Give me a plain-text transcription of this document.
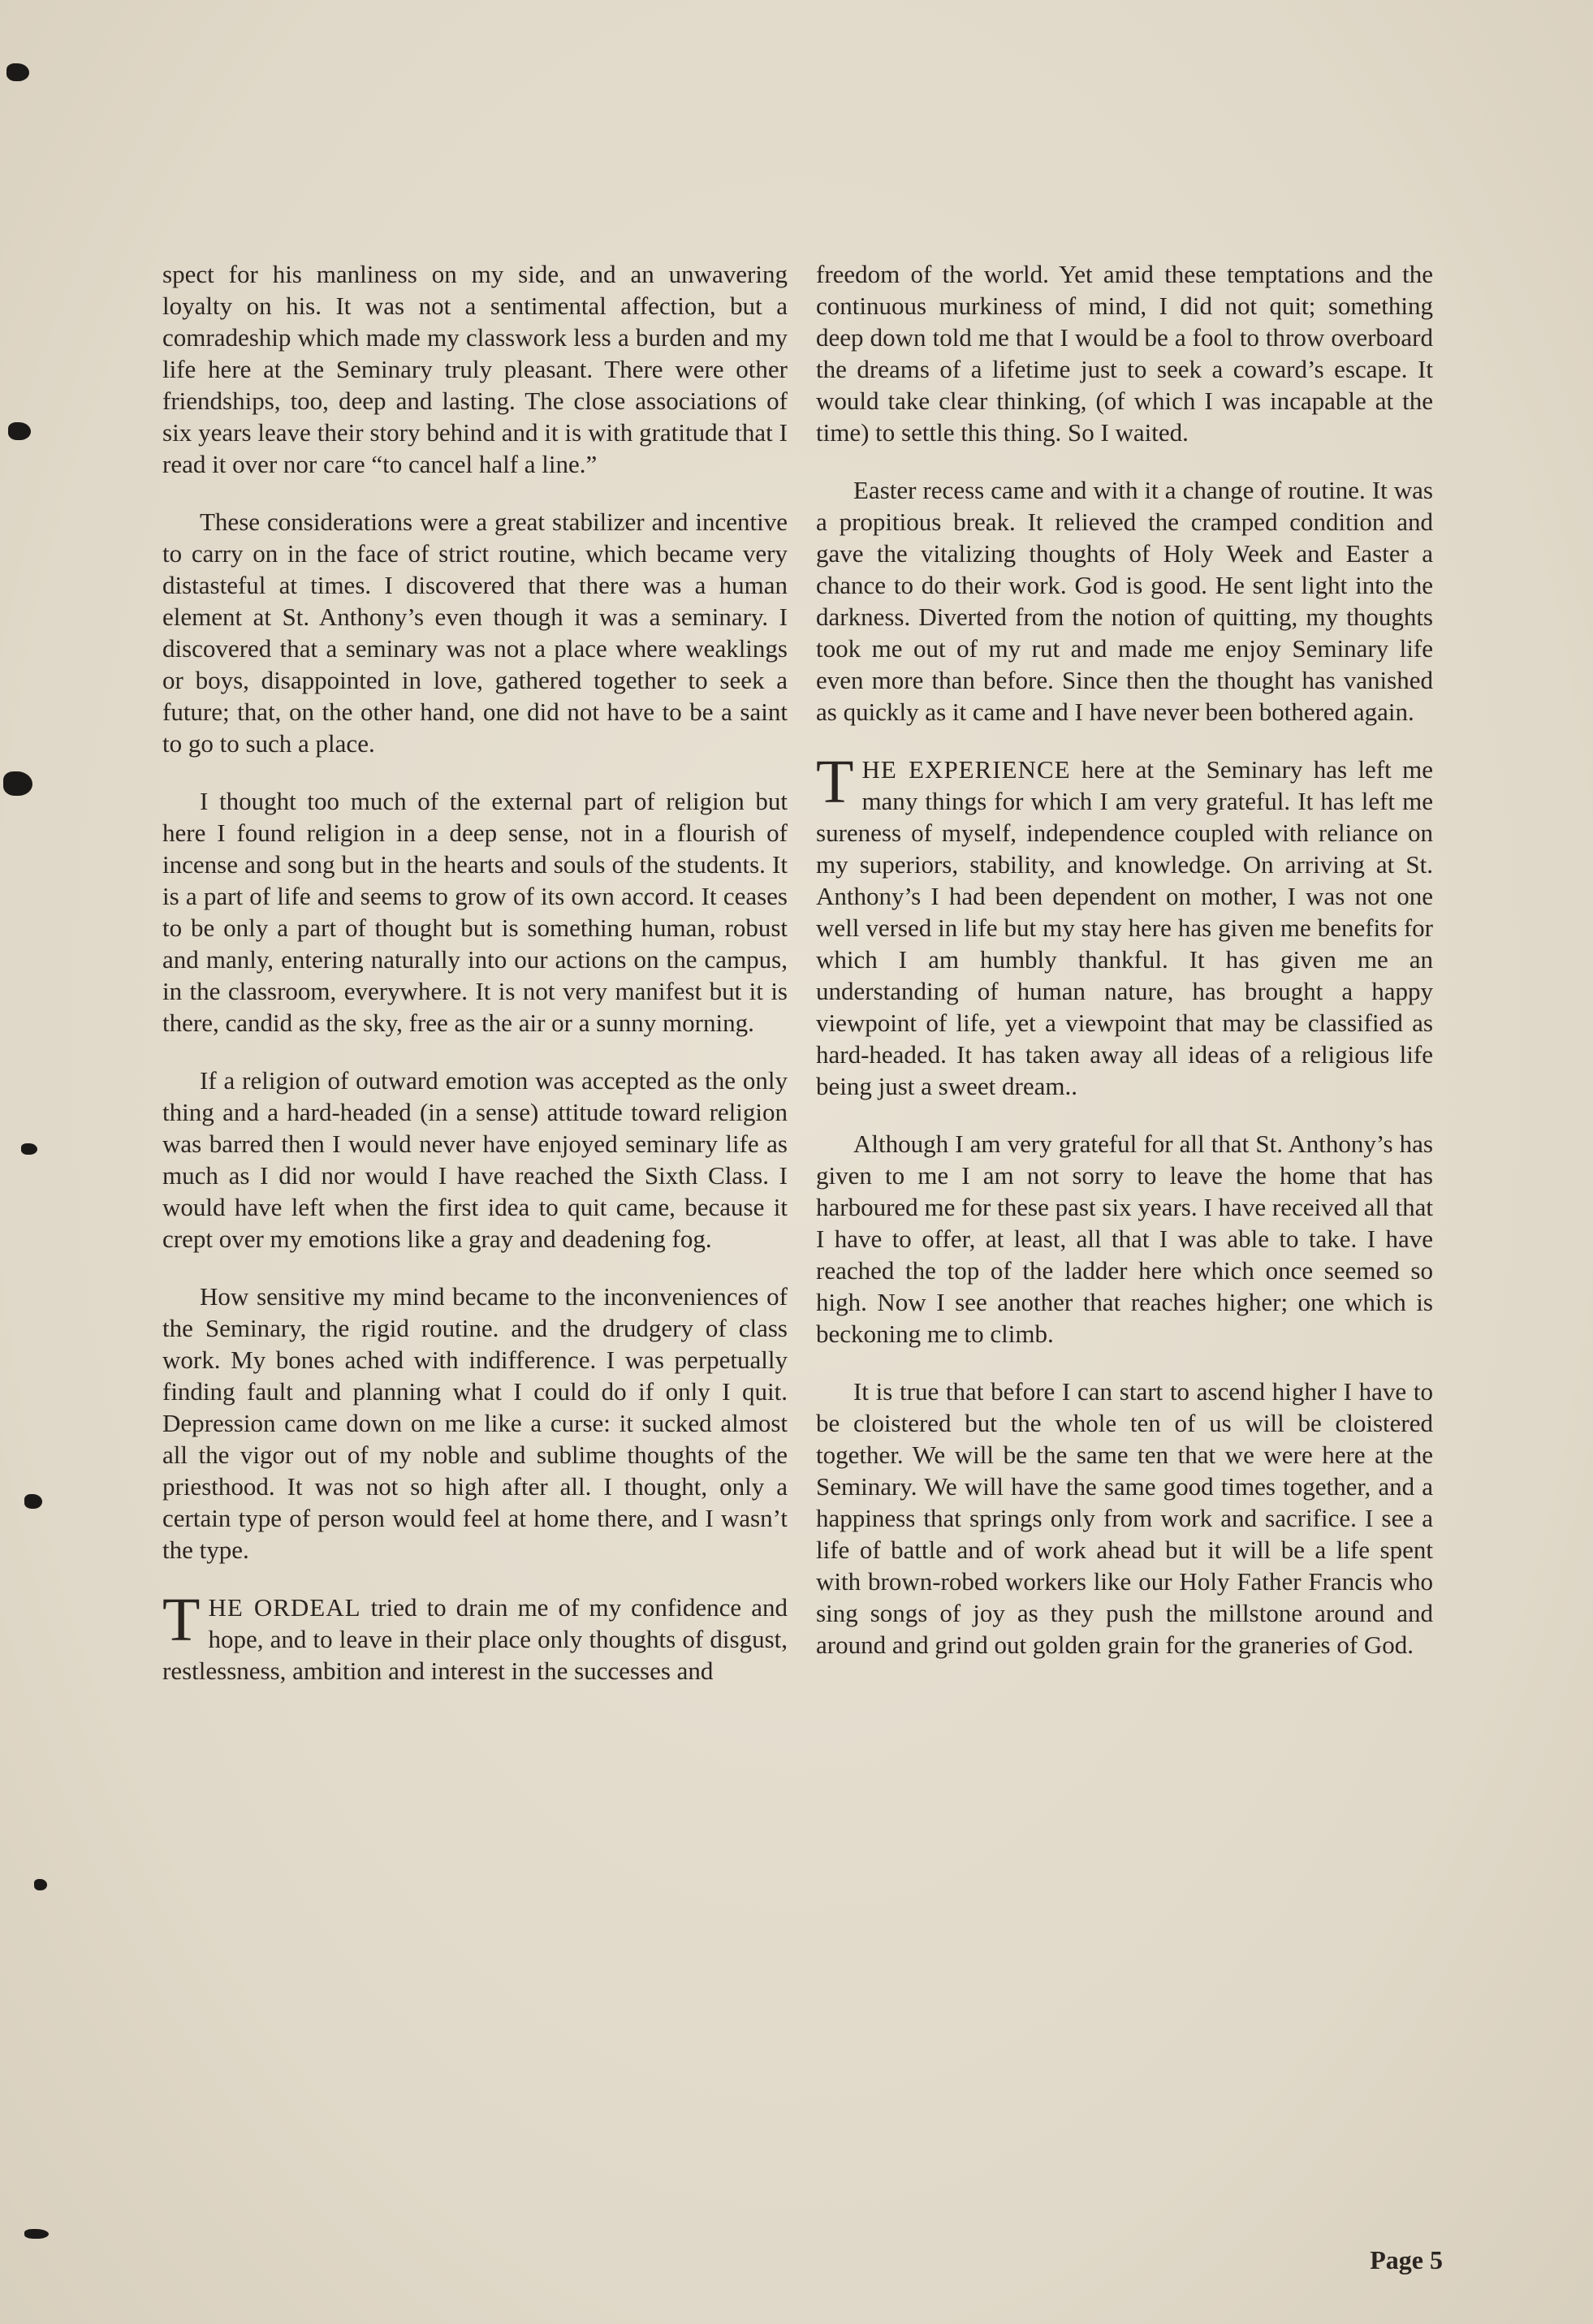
spect for his manliness on my side, and an unwavering loyalty on his. It was not a sentimental affection, but a comradeship which made my classwork less a burden and my life here at the Seminary truly pleasant. There were other friendships, too, deep and lasting. The close associations of six years leave their story behind and it is with gratitude that I read it over nor care “to cancel half a line.”

These considerations were a great stabilizer and incentive to carry on in the face of strict routine, which became very distasteful at times. I discovered that there was a human element at St. Anthony’s even though it was a seminary. I discovered that a seminary was not a place where weaklings or boys, disappointed in love, gathered together to seek a future; that, on the other hand, one did not have to be a saint to go to such a place.

I thought too much of the external part of religion but here I found religion in a deep sense, not in a flourish of incense and song but in the hearts and souls of the students. It is a part of life and seems to grow of its own accord. It ceases to be only a part of thought but is something human, robust and manly, entering naturally into our actions on the campus, in the classroom, everywhere. It is not very manifest but it is there, candid as the sky, free as the air or a sunny morning.

If a religion of outward emotion was accepted as the only thing and a hard-headed (in a sense) attitude toward religion was barred then I would never have enjoyed seminary life as much as I did nor would I have reached the Sixth Class. I would have left when the first idea to quit came, because it crept over my emotions like a gray and deadening fog.

How sensitive my mind became to the inconveniences of the Seminary, the rigid routine. and the drudgery of class work. My bones ached with indifference. I was perpetually finding fault and planning what I could do if only I quit. Depression came down on me like a curse: it sucked almost all the vigor out of my noble and sublime thoughts of the priesthood. It was not so high after all. I thought, only a certain type of person would feel at home there, and I wasn’t the type.

THE ORDEAL tried to drain me of my confidence and hope, and to leave in their place only thoughts of disgust, restlessness, ambition and interest in the successes and

freedom of the world. Yet amid these temptations and the continuous murkiness of mind, I did not quit; something deep down told me that I would be a fool to throw overboard the dreams of a lifetime just to seek a coward’s escape. It would take clear thinking, (of which I was incapable at the time) to settle this thing. So I waited.

Easter recess came and with it a change of routine. It was a propitious break. It relieved the cramped condition and gave the vitalizing thoughts of Holy Week and Easter a chance to do their work. God is good. He sent light into the darkness. Diverted from the notion of quitting, my thoughts took me out of my rut and made me enjoy Seminary life even more than before. Since then the thought has vanished as quickly as it came and I have never been bothered again.

THE EXPERIENCE here at the Seminary has left me many things for which I am very grateful. It has left me sureness of myself, independence coupled with reliance on my superiors, stability, and knowledge. On arriving at St. Anthony’s I had been dependent on mother, I was not one well versed in life but my stay here has given me benefits for which I am humbly thankful. It has given me an understanding of human nature, has brought a happy viewpoint of life, yet a viewpoint that may be classified as hard-headed. It has taken away all ideas of a religious life being just a sweet dream..

Although I am very grateful for all that St. Anthony’s has given to me I am not sorry to leave the home that has harboured me for these past six years. I have received all that I have to offer, at least, all that I was able to take. I have reached the top of the ladder here which once seemed so high. Now I see another that reaches higher; one which is beckoning me to climb.

It is true that before I can start to ascend higher I have to be cloistered but the whole ten of us will be cloistered together. We will be the same ten that we were here at the Seminary. We will have the same good times together, and a happiness that springs only from work and sacrifice. I see a life of battle and of work ahead but it will be a life spent with brown-robed workers like our Holy Father Francis who sing songs of joy as they push the millstone around and around and grind out golden grain for the graneries of God.

Page 5
